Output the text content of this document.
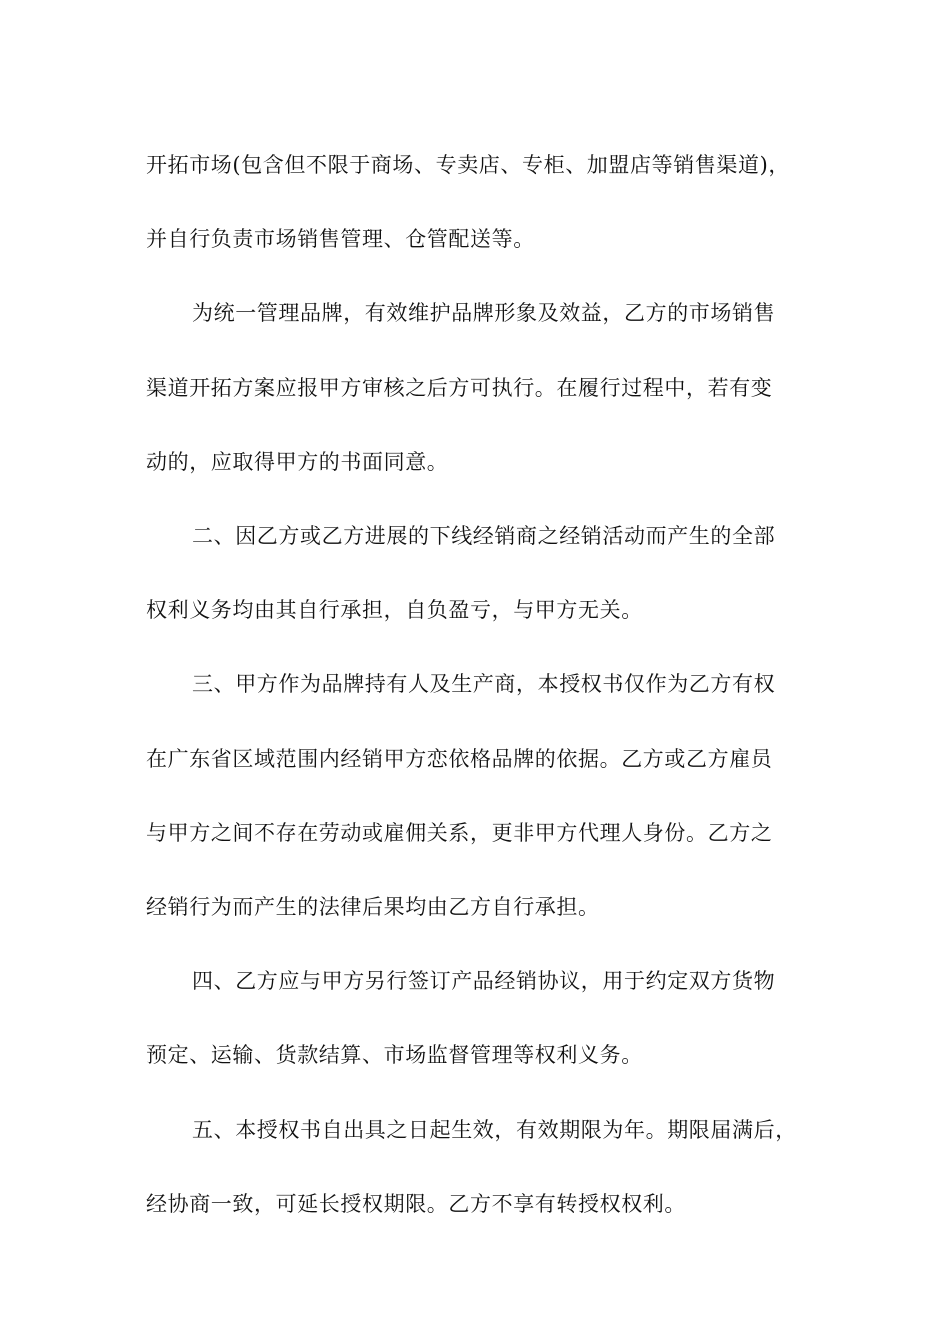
开拓市场(包含但不限于商场、专卖店、专柜、加盟店等销售渠道)，

并自行负责市场销售管理、仓管配送等。

为统一管理品牌，有效维护品牌形象及效益，乙方的市场销售

渠道开拓方案应报甲方审核之后方可执行。在履行过程中，若有变

动的，应取得甲方的书面同意。

二、因乙方或乙方进展的下线经销商之经销活动而产生的全部

权利义务均由其自行承担，自负盈亏，与甲方无关。

三、甲方作为品牌持有人及生产商，本授权书仅作为乙方有权

在广东省区域范围内经销甲方恋依格品牌的依据。乙方或乙方雇员

与甲方之间不存在劳动或雇佣关系，更非甲方代理人身份。乙方之

经销行为而产生的法律后果均由乙方自行承担。

四、乙方应与甲方另行签订产品经销协议，用于约定双方货物

预定、运输、货款结算、市场监督管理等权利义务。

五、本授权书自出具之日起生效，有效期限为年。期限届满后，

经协商一致，可延长授权期限。乙方不享有转授权权利。
